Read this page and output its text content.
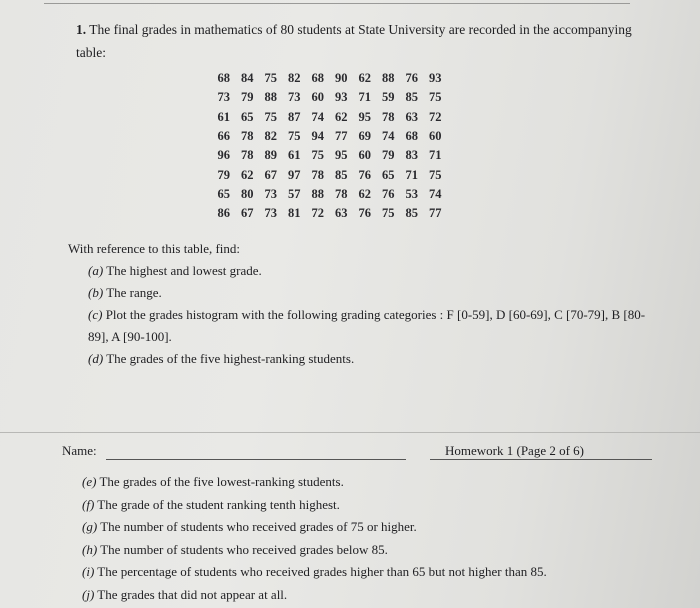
1. The final grades in mathematics of 80 students at State University are recorded in the accompanying
table:
68	84	75	82	68	90	62	88	76	93
73	79	88	73	60	93	71	59	85	75
61	65	75	87	74	62	95	78	63	72
66	78	82	75	94	77	69	74	68	60
96	78	89	61	75	95	60	79	83	71
79	62	67	97	78	85	76	65	71	75
65	80	73	57	88	78	62	76	53	74
86	67	73	81	72	63	76	75	85	77

With reference to this table, find:

(a) The highest and lowest grade.

(b) The range.

(c) Plot the grades histogram with the following grading categories : F [0-59], D [60-69], C [70-79], B [80-

89], A [90-100].

(d) The grades of the five highest-ranking students.

Name:	Homework 1 (Page 2 of 6)

(e) The grades of the five lowest-ranking students.

(f) The grade of the student ranking tenth highest.

(g) The number of students who received grades of 75 or higher.

(h) The number of students who received grades below 85.

(i) The percentage of students who received grades higher than 65 but not higher than 85.

(j) The grades that did not appear at all.
